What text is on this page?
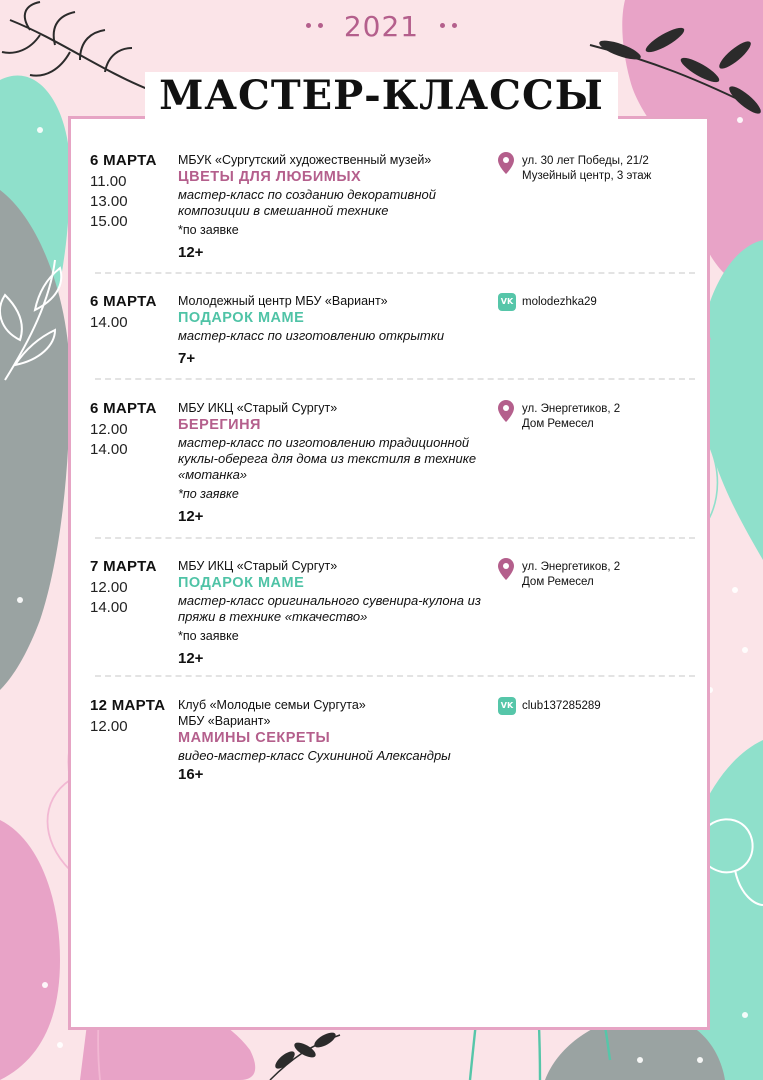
2021
МАСТЕР-КЛАССЫ
6 МАРТА
11.00
13.00
15.00
МБУК «Сургутский художественный музей»
ЦВЕТЫ ДЛЯ ЛЮБИМЫХ
мастер-класс по созданию декоративной композиции в смешанной технике
*по заявке
12+
ул. 30 лет Победы, 21/2
Музейный центр, 3 этаж
6 МАРТА
14.00
Молодежный центр МБУ «Вариант»
ПОДАРОК МАМЕ
мастер-класс по изготовлению открытки
7+
VK molodezhka29
6 МАРТА
12.00
14.00
МБУ ИКЦ «Старый Сургут»
БЕРЕГИНЯ
мастер-класс по изготовлению традиционной куклы-оберега для дома из текстиля в технике «мотанка»
*по заявке
12+
ул. Энергетиков, 2
Дом Ремесел
7 МАРТА
12.00
14.00
МБУ ИКЦ «Старый Сургут»
ПОДАРОК МАМЕ
мастер-класс оригинального сувенира-кулона из пряжи в технике «ткачество»
*по заявке
12+
ул. Энергетиков, 2
Дом Ремесел
12 МАРТА
12.00
Клуб «Молодые семьи Сургута»
МБУ «Вариант»
МАМИНЫ СЕКРЕТЫ
видео-мастер-класс Сухининой Александры
16+
VK club137285289
